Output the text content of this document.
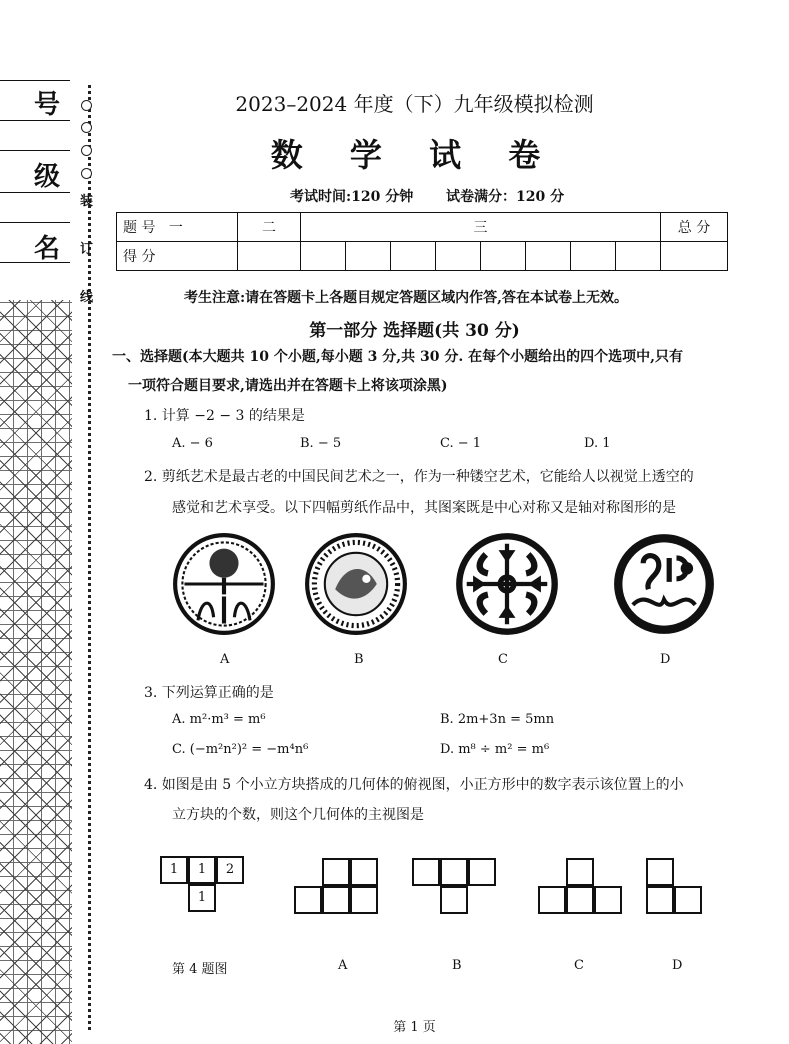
号
级
名
装
订
线
2023–2024 年度（下）九年级模拟检测
数 学 试 卷
考试时间:120 分钟 试卷满分：120 分
题 号 一	二	三								总 分
得 分										
考生注意:请在答题卡上各题目规定答题区域内作答,答在本试卷上无效。
第一部分 选择题(共 30 分)
一、选择题(本大题共 10 个小题,每小题 3 分,共 30 分. 在每个小题给出的四个选项中,只有
一项符合题目要求,请选出并在答题卡上将该项涂黑)
1. 计算 −2 − 3 的结果是
A. − 6	B. − 5	C. − 1	D. 1
2. 剪纸艺术是最古老的中国民间艺术之一，作为一种镂空艺术，它能给人以视觉上透空的
感觉和艺术享受。以下四幅剪纸作品中，其图案既是中心对称又是轴对称图形的是
A	B	C	D
3. 下列运算正确的是
A. m²·m³ = m⁶	B. 2m+3n = 5mn
C. (−m²n²)² = −m⁴n⁶	D. m⁸ ÷ m² = m⁶
4. 如图是由 5 个小立方块搭成的几何体的俯视图，小正方形中的数字表示该位置上的小
立方块的个数，则这个几何体的主视图是
1	1	2
1
第 4 题图	A	B	C	D
第 1 页
